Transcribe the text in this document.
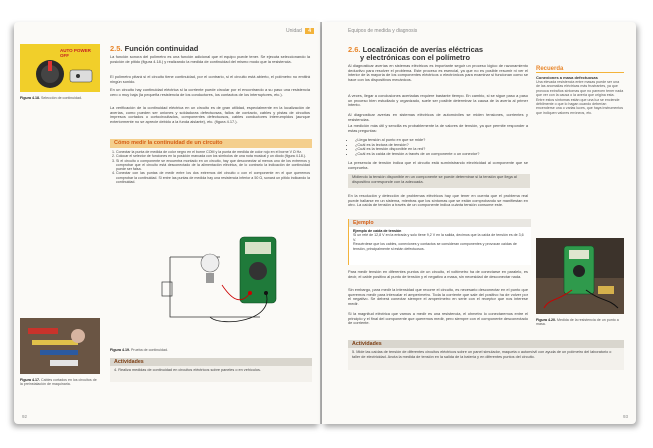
Unidad 4
AUTO POWER OFF
Figura 4.18. Selección de continuidad.
2.5. Función continuidad
La función sonora del polímetro es una función adicional que el equipo puede tener. Se ejecuta seleccionando la posición de pitido (figura 4.18.) y realizando la medida de continuidad del mismo modo que la resistencia.
El polímetro pitará si el circuito tiene continuidad, por el contrario, si el circuito está abierto, el polímetro no emitirá ningún sonido.
En un circuito hay continuidad eléctrica si la corriente puede circular por el encontrando a su paso una resistencia cero o muy baja (la pequeña resistencia de los conductores, los contactos de los interruptores, etc.).
La verificación de la continuidad eléctrica en un circuito es de gran utilidad, especialmente en la localización de averías, como pueden ser uniones y soldaduras defectuosas, fallos de contacto, cables y pistas de circuitos impresos cortados o cortocircuitados, componentes defectuosos, cables conductores interrumpidos (aunque exteriormente no se aprecie debido a la funda aislante), etc. (figura 4.17.).
Cómo medir la continuidad de un circuito
1. Conectar la punta de medida de color negro en el borne COM y la punta de medida de color rojo en el borne V Ω Hz.
2. Colocar el selector de funciones en la posición marcada con los símbolos de una nota musical y un diodo (figura 4.18.).
3. Si el circuito o componente se encuentra montado en un circuito, hay que desconectar al menos uno de los extremos y comprobar que el circuito está desconectado de la alimentación eléctrica, de lo contrario la indicación de continuidad puede ser falsa.
4. Conectar con las puntas de medir entre los dos extremos del circuito o con el componente en el que queremos comprobar la continuidad. Si entre las puntas de medida hay una resistencia inferior a 50 Ω, sonará un pitido indicando la continuidad.
Figura 4.17. Cables cortados en los circuitos de la preinstalación de maquinaria.
Figura 4.19. Prueba de continuidad.
Actividades
4. Realiza medidas de continuidad en circuitos eléctricos sobre paneles o en vehículos.
92
Equipos de medida y diagnosis
2.6. Localización de averías eléctricas
y electrónicas con el polímetro
Al diagnosticar averías en sistemas eléctricos es importante seguir un proceso lógico de razonamiento deductivo para resolver el problema. Este proceso es esencial, ya que no es posible resumir ni ver el interior de la mayoría de los componentes eléctricos o electrónicos para examinar si funcionan como se hace con los dispositivos mecánicos.
A veces, llegar a conclusiones acertadas requiere bastante tiempo. En cambio, si se sigue paso a paso un proceso bien estudiado y organizado, suele ser posible determinar la causa de la avería al primer intento.
Al diagnosticar averías en sistemas eléctricos de automóviles se miden tensiones, corrientes y resistencias.
La medición más útil y sencilla es probablemente la de valores de tensión, ya que permite responder a estas preguntas:
• ¿Llega tensión al punto en que se mide?
• ¿Cuál es la lectura de tensión?
• ¿Cuál es la tensión disponible en la red?
• ¿Cuál es la caída de tensión a través de un componente o un conector?
La presencia de tensión indica que el circuito está suministrando electricidad al componente que se comprueba.
Midiendo la tensión disponible en un componente se puede determinar si la tensión que llega al dispositivo corresponde con la adecuada.
En la resolución y detección de problemas eléctricos hay que tener en cuenta que el problema real puede hallarse en un sistema, mientras que los síntomas que se están comprobando se manifiestan en otro. La caída de tensión a través de un componente indica cuánta tensión consume este.
Ejemplo
Ejemplo de caída de tensión
Si un relé de 12,8 V en la entrada y solo tiene 9,2 V en la salida, decimos que la caída de tensión es de 3,6 V.
Recuérdese que los cables, conexiones y contactos se consideran componentes y provocan caídas de tensión, principalmente si están defectuosos.
Para medir tensión en diferentes puntos de un circuito, el voltímetro ha de conectarse en paralelo, es decir, el cable positivo al punto de tensión y el negativo a masa, sin necesidad de desconectar nada.
Sin embargo, para medir la intensidad que recorre el circuito, es necesario desconectar en el punto que queremos medir para intercalar el amperímetro. Toda la corriente que sale del positivo ha de volver por el negativo. Se deberá conectar siempre el amperímetro en serie con el receptor que nos interese medir.
Si la magnitud eléctrica que vamos a medir es una resistencia, el ohmetro lo conectaremos entre el principio y el final del componente que queremos medir, pero siempre con el componente desconectado de corriente.
Actividades
5. Mide las caídas de tensión de diferentes circuitos eléctricos sobre un panel simulador, maqueta o automóvil con ayuda de un polímetro del laboratorio o taller de electricidad. Anota la medida de tensión en la salida de la batería y en diferentes puntos del circuito.
Recuerda
Conexiones a masa defectuosas
Una elevada resistencia entre masas puede ser una de las anomalías eléctricas más frustrantes, ya que provoca extraños síntomas que no parecen tener nada que ver con la causa o la avería que origina esta. Entre estos síntomas están que una luz se enciende débilmente o que lo hagan cuando deberían encenderse una o varias luces, que haya instrumentos que indiquen valores erróneos, etc.
Figura 4.20. Medida de la resistencia de un punto a masa.
93
